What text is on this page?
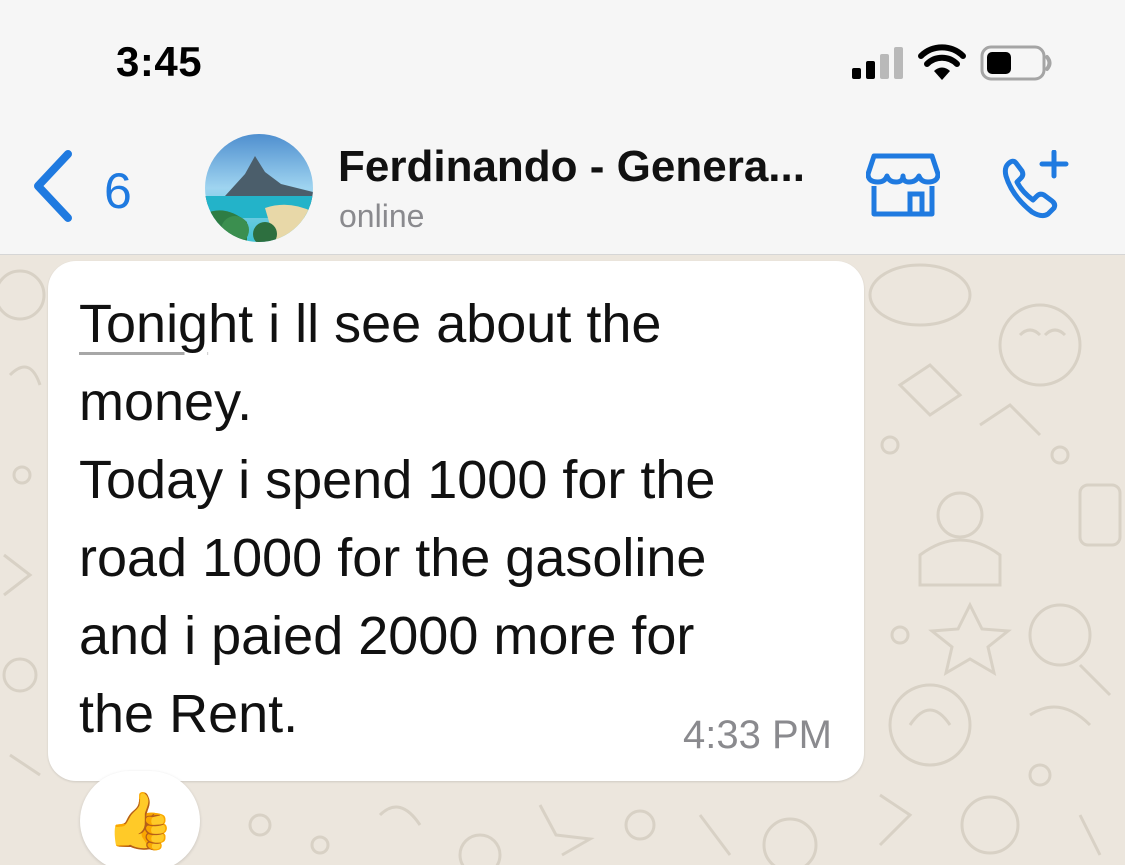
3:45
6	Ferdinando - Genera...
online
Tonight i ll see about the
money.
Today i spend 1000 for the
road 1000 for the gasoline
and i paied 2000 more for
the Rent.	4:33 PM
👍
